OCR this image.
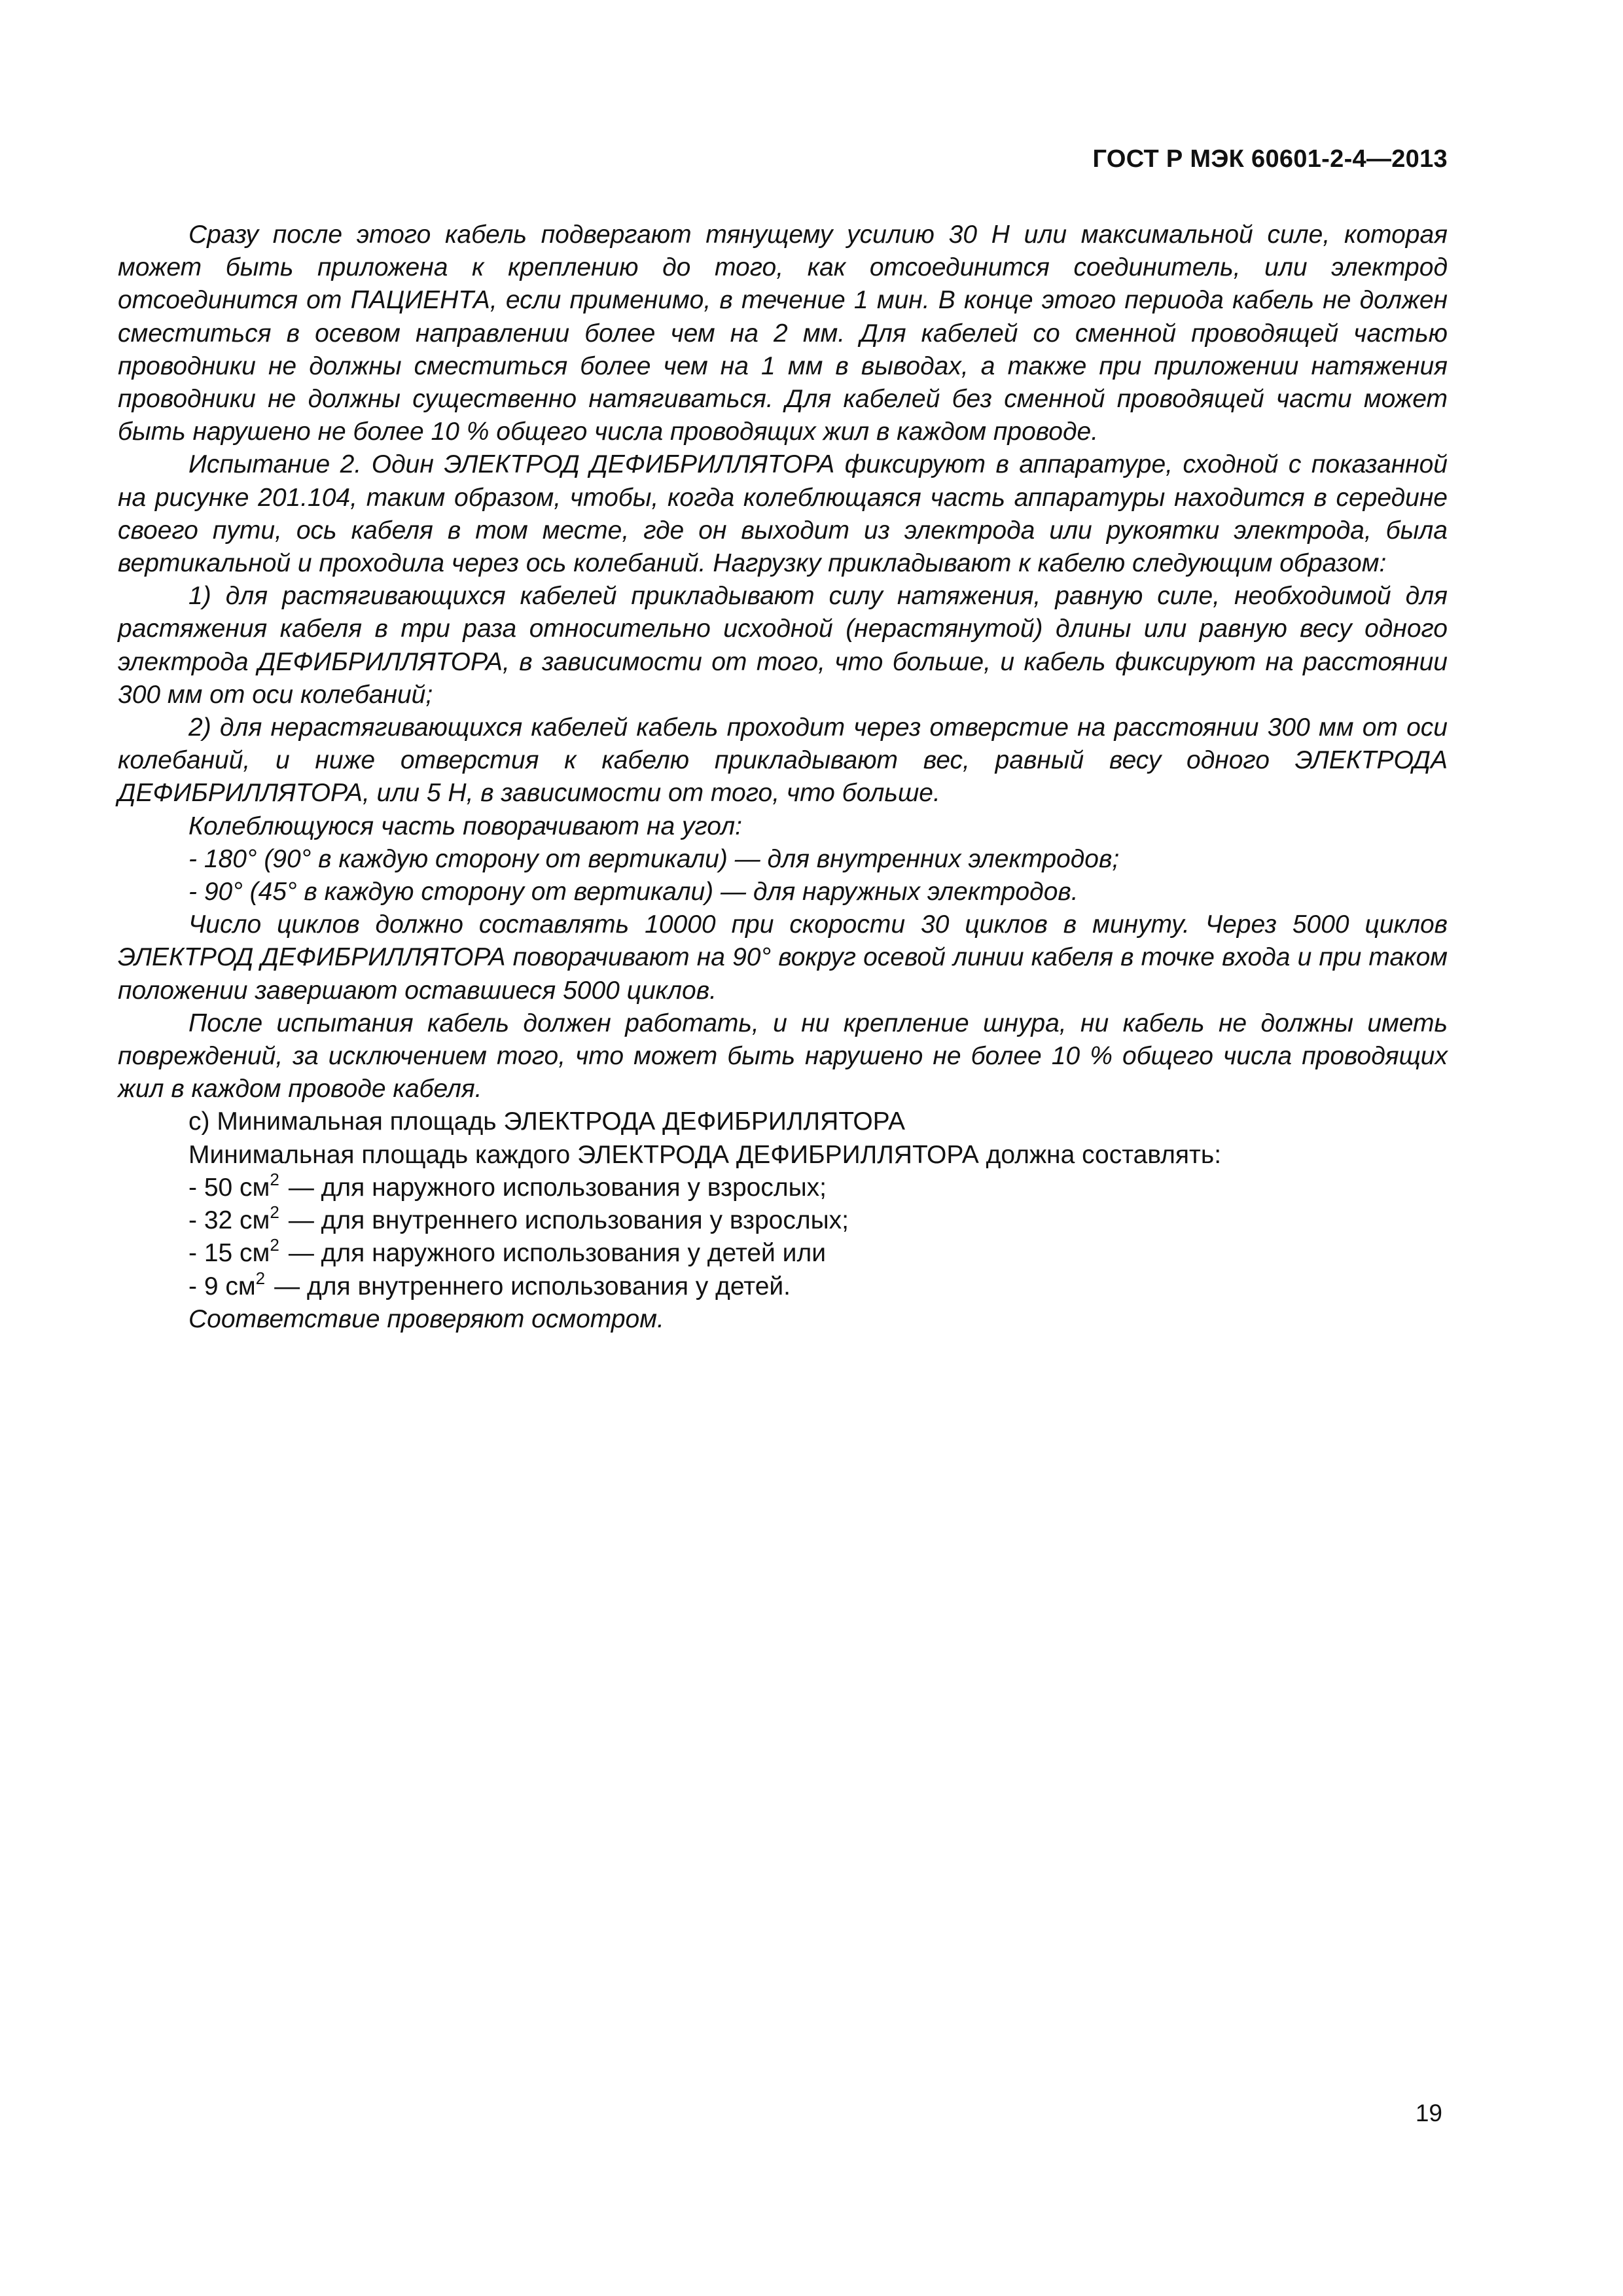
ГОСТ Р МЭК 60601-2-4—2013

Сразу после этого кабель подвергают тянущему усилию 30 Н или максимальной силе, которая может быть приложена к креплению до того, как отсоединится соединитель, или электрод отсоединится от ПАЦИЕНТА, если применимо, в течение 1 мин. В конце этого периода кабель не должен сместиться в осевом направлении более чем на 2 мм. Для кабелей со сменной проводящей частью проводники не должны сместиться более чем на 1 мм в выводах, а также при приложении натяжения проводники не должны существенно натягиваться. Для кабелей без сменной проводящей части может быть нарушено не более 10 % общего числа проводящих жил в каждом проводе.

Испытание 2. Один ЭЛЕКТРОД ДЕФИБРИЛЛЯТОРА фиксируют в аппаратуре, сходной с показанной на рисунке 201.104, таким образом, чтобы, когда колеблющаяся часть аппаратуры находится в середине своего пути, ось кабеля в том месте, где он выходит из электрода или рукоятки электрода, была вертикальной и проходила через ось колебаний. Нагрузку прикладывают к кабелю следующим образом:

1) для растягивающихся кабелей прикладывают силу натяжения, равную силе, необходимой для растяжения кабеля в три раза относительно исходной (нерастянутой) длины или равную весу одного электрода ДЕФИБРИЛЛЯТОРА, в зависимости от того, что больше, и кабель фиксируют на расстоянии 300 мм от оси колебаний;

2) для нерастягивающихся кабелей кабель проходит через отверстие на расстоянии 300 мм от оси колебаний, и ниже отверстия к кабелю прикладывают вес, равный весу одного ЭЛЕКТРОДА ДЕФИБРИЛЛЯТОРА, или 5 Н, в зависимости от того, что больше.

Колеблющуюся часть поворачивают на угол:

- 180° (90° в каждую сторону от вертикали) — для внутренних электродов;

- 90° (45° в каждую сторону от вертикали) — для наружных электродов.

Число циклов должно составлять 10000 при скорости 30 циклов в минуту. Через 5000 циклов ЭЛЕКТРОД ДЕФИБРИЛЛЯТОРА поворачивают на 90° вокруг осевой линии кабеля в точке входа и при таком положении завершают оставшиеся 5000 циклов.

После испытания кабель должен работать, и ни крепление шнура, ни кабель не должны иметь повреждений, за исключением того, что может быть нарушено не более 10 % общего числа проводящих жил в каждом проводе кабеля.

c) Минимальная площадь ЭЛЕКТРОДА ДЕФИБРИЛЛЯТОРА

Минимальная площадь каждого ЭЛЕКТРОДА ДЕФИБРИЛЛЯТОРА должна составлять:

- 50 $см^2$ — для наружного использования у взрослых;

- 32 $см^2$ — для внутреннего использования у взрослых;

- 15 $см^2$ — для наружного использования у детей или

- 9 $см^2$ — для внутреннего использования у детей.

Соответствие проверяют осмотром.

19
